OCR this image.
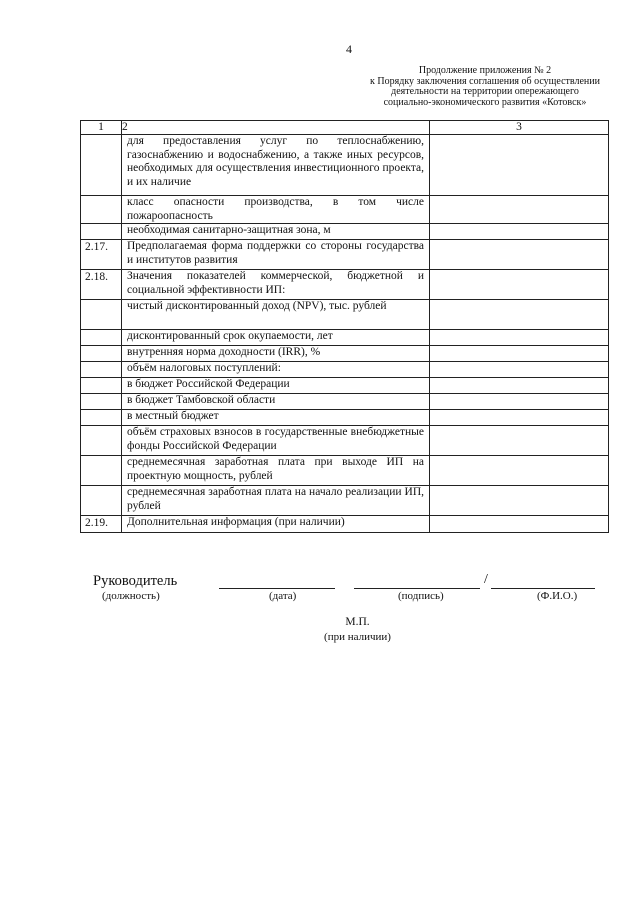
4
Продолжение приложения № 2
к Порядку заключения соглашения об осуществлении
деятельности на территории опережающего
социально-экономического развития «Котовск»
1	2	3
	для предоставления услуг по теплоснабжению, газоснабжению и водоснабжению, а также иных ресурсов, необходимых для осуществления инвестиционного проекта, и их наличие	
	класс опасности производства, в том числе пожароопасность	
	необходимая санитарно-защитная зона, м	
2.17.	Предполагаемая форма поддержки со стороны государства и институтов развития	
2.18.	Значения показателей коммерческой, бюджетной и социальной эффективности ИП:	
	чистый дисконтированный доход (NPV), тыс. рублей	
	дисконтированный срок окупаемости, лет	
	внутренняя норма доходности (IRR), %	
	объём налоговых поступлений:	
	в бюджет Российской Федерации	
	в бюджет Тамбовской области	
	в местный бюджет	
	объём страховых взносов в государственные внебюджетные фонды Российской Федерации	
	среднемесячная заработная плата при выходе ИП на проектную мощность, рублей	
	среднемесячная заработная плата на начало реализации ИП, рублей	
2.19.	Дополнительная информация (при наличии)	
Руководитель	/
(должность)	(дата)	(подпись)	(Ф.И.О.)
М.П.
(при наличии)
